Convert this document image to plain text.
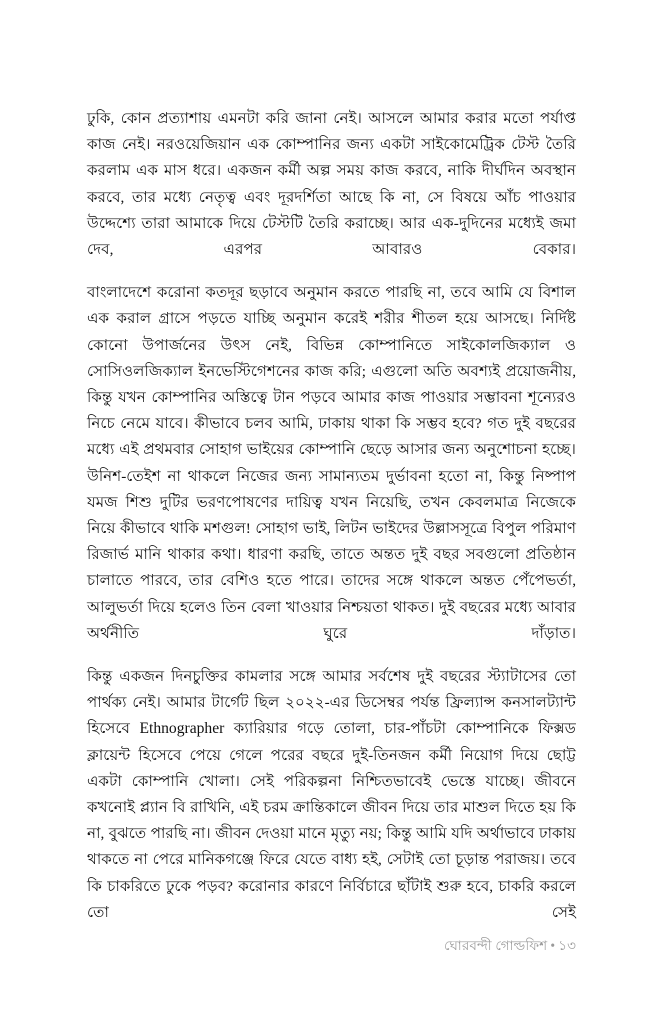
ঢুকি, কোন প্রত্যাশায় এমনটা করি জানা নেই। আসলে আমার করার মতো পর্যাপ্ত কাজ নেই। নরওয়েজিয়ান এক কোম্পানির জন্য একটা সাইকোমেট্রিক টেস্ট তৈরি করলাম এক মাস ধরে। একজন কর্মী অল্প সময় কাজ করবে, নাকি দীর্ঘদিন অবস্থান করবে, তার মধ্যে নেতৃত্ব এবং দূরদর্শিতা আছে কি না, সে বিষয়ে আঁচ পাওয়ার উদ্দেশ্যে তারা আমাকে দিয়ে টেস্টটি তৈরি করাচ্ছে। আর এক-দুদিনের মধ্যেই জমা দেব, এরপর আবারও বেকার।

বাংলাদেশে করোনা কতদূর ছড়াবে অনুমান করতে পারছি না, তবে আমি যে বিশাল এক করাল গ্রাসে পড়তে যাচ্ছি অনুমান করেই শরীর শীতল হয়ে আসছে। নির্দিষ্ট কোনো উপার্জনের উৎস নেই, বিভিন্ন কোম্পানিতে সাইকোলজিক্যাল ও সোসিওলজিক্যাল ইনভেস্টিগেশনের কাজ করি; এগুলো অতি অবশ্যই প্রয়োজনীয়, কিন্তু যখন কোম্পানির অস্তিত্বে টান পড়বে আমার কাজ পাওয়ার সম্ভাবনা শূন্যেরও নিচে নেমে যাবে। কীভাবে চলব আমি, ঢাকায় থাকা কি সম্ভব হবে? গত দুই বছরের মধ্যে এই প্রথমবার সোহাগ ভাইয়ের কোম্পানি ছেড়ে আসার জন্য অনুশোচনা হচ্ছে। উনিশ-তেইশ না থাকলে নিজের জন্য সামান্যতম দুর্ভাবনা হতো না, কিন্তু নিষ্পাপ যমজ শিশু দুটির ভরণপোষণের দায়িত্ব যখন নিয়েছি, তখন কেবলমাত্র নিজেকে নিয়ে কীভাবে থাকি মশগুল! সোহাগ ভাই, লিটন ভাইদের উল্লাসসূত্রে বিপুল পরিমাণ রিজার্ভ মানি থাকার কথা। ধারণা করছি, তাতে অন্তত দুই বছর সবগুলো প্রতিষ্ঠান চালাতে পারবে, তার বেশিও হতে পারে। তাদের সঙ্গে থাকলে অন্তত পেঁপেভর্তা, আলুভর্তা দিয়ে হলেও তিন বেলা খাওয়ার নিশ্চয়তা থাকত। দুই বছরের মধ্যে আবার অর্থনীতি ঘুরে দাঁড়াত।

কিন্তু একজন দিনচুক্তির কামলার সঙ্গে আমার সর্বশেষ দুই বছরের স্ট্যাটাসের তো পার্থক্য নেই। আমার টার্গেট ছিল ২০২২-এর ডিসেম্বর পর্যন্ত ফ্রিল্যান্স কনসালট্যান্ট হিসেবে Ethnographer ক্যারিয়ার গড়ে তোলা, চার-পাঁচটা কোম্পানিকে ফিক্সড ক্লায়েন্ট হিসেবে পেয়ে গেলে পরের বছরে দুই-তিনজন কর্মী নিয়োগ দিয়ে ছোট্ট একটা কোম্পানি খোলা। সেই পরিকল্পনা নিশ্চিতভাবেই ভেস্তে যাচ্ছে। জীবনে কখনোই প্ল্যান বি রাখিনি, এই চরম ক্রান্তিকালে জীবন দিয়ে তার মাশুল দিতে হয় কি না, বুঝতে পারছি না। জীবন দেওয়া মানে মৃত্যু নয়; কিন্তু আমি যদি অর্থাভাবে ঢাকায় থাকতে না পেরে মানিকগঞ্জে ফিরে যেতে বাধ্য হই, সেটাই তো চূড়ান্ত পরাজয়। তবে কি চাকরিতে ঢুকে পড়ব? করোনার কারণে নির্বিচারে ছাঁটাই শুরু হবে, চাকরি করলে তো সেই

ঘোরবন্দী গোল্ডফিশ • ১৩
